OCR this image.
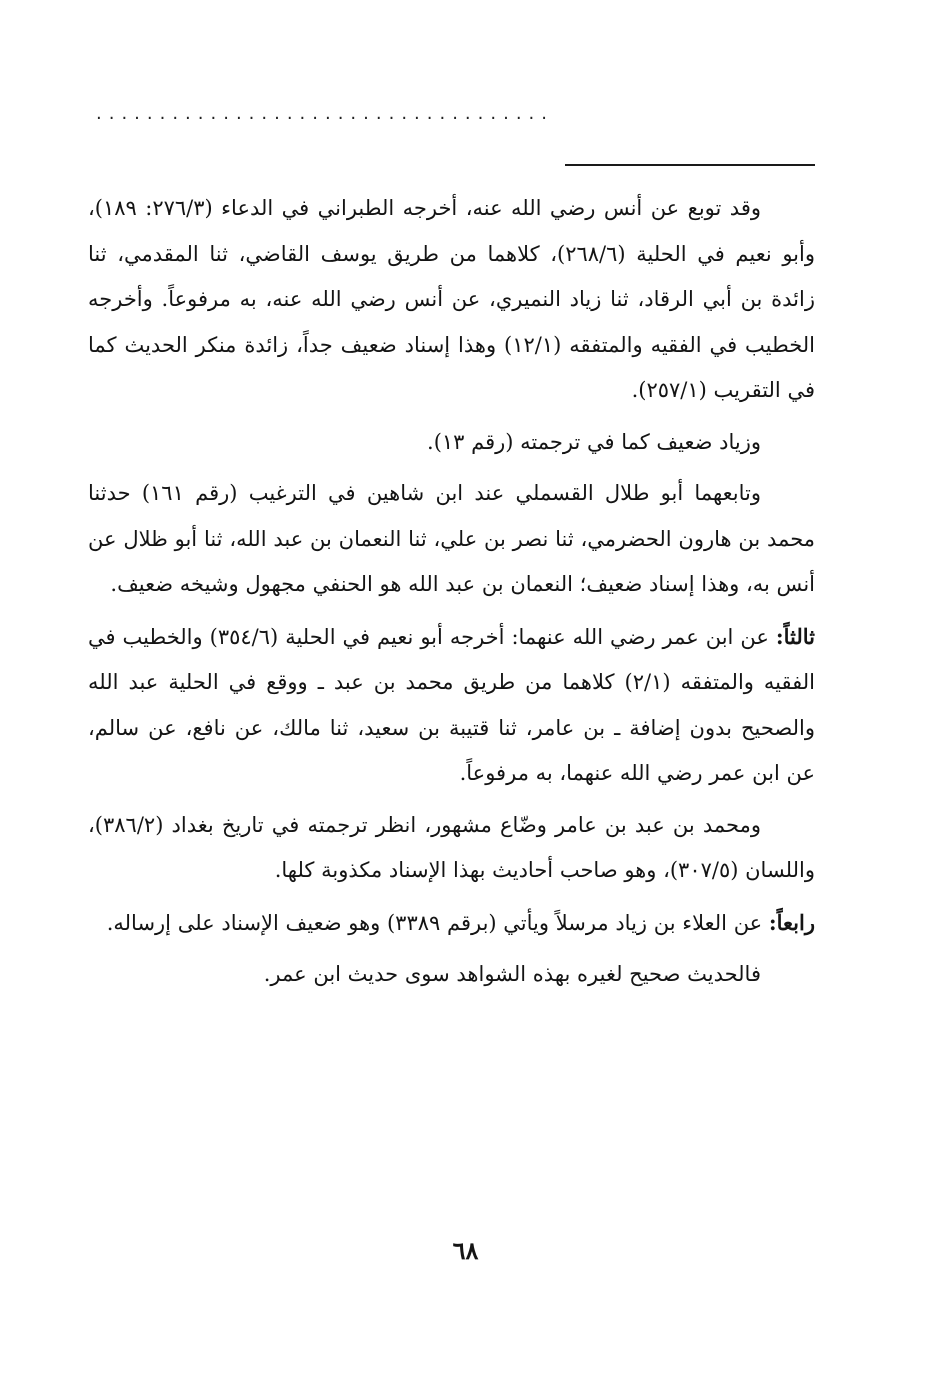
....................................

وقد توبع عن أنس رضي الله عنه، أخرجه الطبراني في الدعاء (٢٧٦/٣: ١٨٩)، وأبو نعيم في الحلية (٢٦٨/٦)، كلاهما من طريق يوسف القاضي، ثنا المقدمي، ثنا زائدة بن أبي الرقاد، ثنا زياد النميري، عن أنس رضي الله عنه، به مرفوعاً. وأخرجه الخطيب في الفقيه والمتفقه (١٢/١) وهذا إسناد ضعيف جداً، زائدة منكر الحديث كما في التقريب (٢٥٧/١).

وزياد ضعيف كما في ترجمته (رقم ١٣).

وتابعهما أبو طلال القسملي عند ابن شاهين في الترغيب (رقم ١٦١) حدثنا محمد بن هارون الحضرمي، ثنا نصر بن علي، ثنا النعمان بن عبد الله، ثنا أبو ظلال عن أنس به، وهذا إسناد ضعيف؛ النعمان بن عبد الله هو الحنفي مجهول وشيخه ضعيف.

ثالثاً: عن ابن عمر رضي الله عنهما: أخرجه أبو نعيم في الحلية (٣٥٤/٦) والخطيب في الفقيه والمتفقه (٢/١) كلاهما من طريق محمد بن عبد ـ ووقع في الحلية عبد الله والصحيح بدون إضافة ـ بن عامر، ثنا قتيبة بن سعيد، ثنا مالك، عن نافع، عن سالم، عن ابن عمر رضي الله عنهما، به مرفوعاً.

ومحمد بن عبد بن عامر وضّاع مشهور، انظر ترجمته في تاريخ بغداد (٣٨٦/٢)، واللسان (٣٠٧/٥)، وهو صاحب أحاديث بهذا الإسناد مكذوبة كلها.

رابعاً: عن العلاء بن زياد مرسلاً ويأتي (برقم ٣٣٨٩) وهو ضعيف الإسناد على إرساله.

فالحديث صحيح لغيره بهذه الشواهد سوى حديث ابن عمر.

٦٨
